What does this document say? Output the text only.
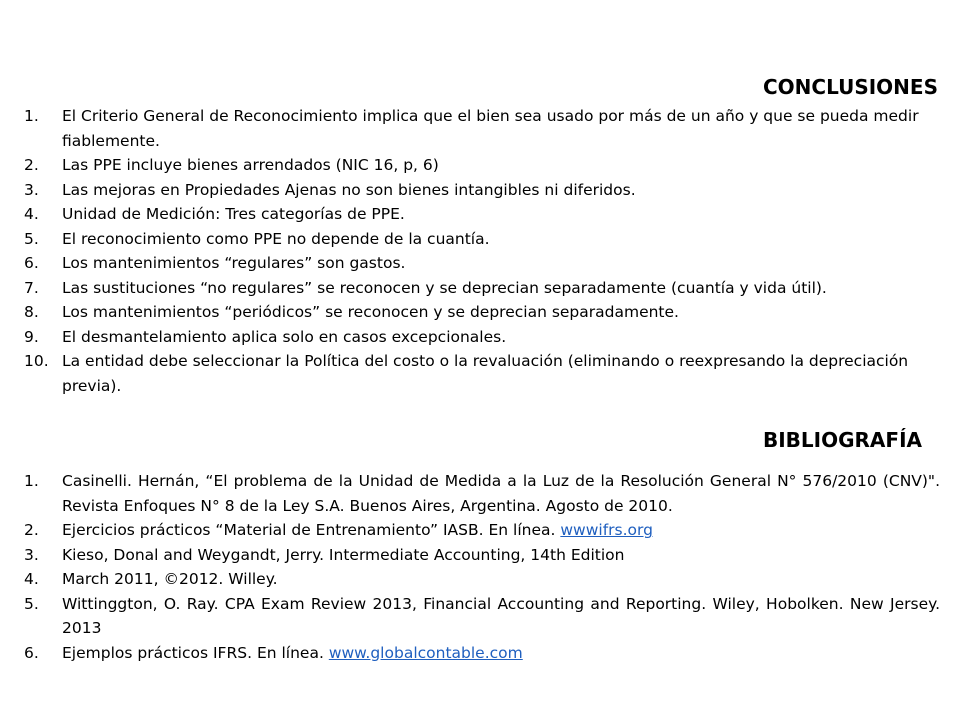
CONCLUSIONES
1. El Criterio General de Reconocimiento implica que el bien sea usado por más de un año y que se pueda medir fiablemente.
2. Las PPE incluye bienes arrendados (NIC 16, p, 6)
3. Las mejoras en Propiedades Ajenas no son bienes intangibles ni diferidos.
4. Unidad de Medición: Tres categorías de PPE.
5. El reconocimiento como PPE no depende de la cuantía.
6. Los mantenimientos “regulares” son gastos.
7. Las sustituciones “no regulares” se reconocen y se deprecian separadamente (cuantía y vida útil).
8. Los mantenimientos “periódicos” se reconocen y se deprecian separadamente.
9. El desmantelamiento aplica solo en casos excepcionales.
10. La entidad debe seleccionar la Política del costo o la revaluación (eliminando o reexpresando la depreciación previa).
BIBLIOGRAFÍA
1. Casinelli. Hernán, “El problema de la Unidad de Medida a la Luz de la Resolución General N° 576/2010 (CNV)". Revista Enfoques N° 8 de la Ley S.A. Buenos Aires, Argentina. Agosto de 2010.
2. Ejercicios prácticos “Material de Entrenamiento” IASB. En línea. wwwifrs.org
3. Kieso, Donal and Weygandt, Jerry. Intermediate Accounting, 14th Edition
4. March 2011, ©2012. Willey.
5. Wittinggton, O. Ray. CPA Exam Review 2013, Financial Accounting and Reporting. Wiley, Hobolken. New Jersey. 2013
6. Ejemplos prácticos IFRS. En línea. www.globalcontable.com
